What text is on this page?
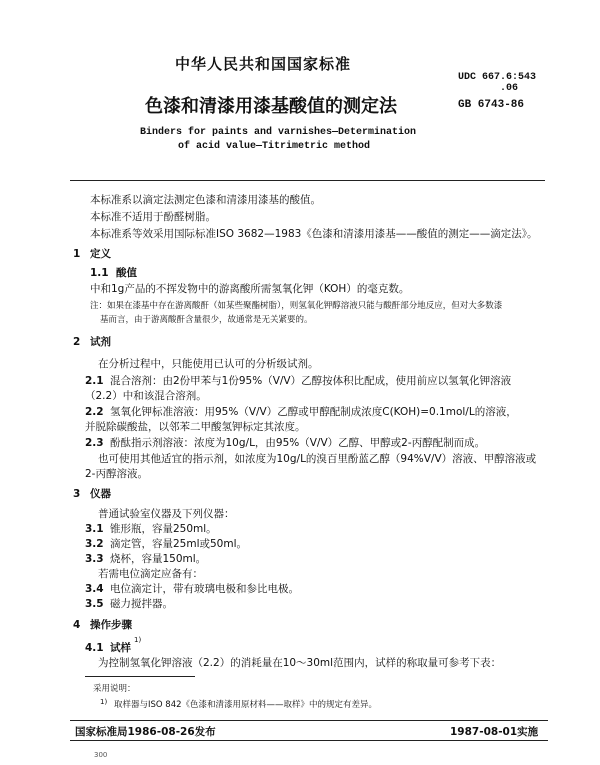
中华人民共和国国家标准
UDC 667.6:543
.06
色漆和清漆用漆基酸值的测定法	GB 6743-86
Binders for paints and varnishes—Determination
of acid value—Titrimetric method
本标准系以滴定法测定色漆和清漆用漆基的酸值。
本标准不适用于酚醛树脂。
本标准系等效采用国际标准ISO 3682—1983《色漆和清漆用漆基——酸值的测定——滴定法》。
1 定义
1.1 酸值
中和1g产品的不挥发物中的游离酸所需氢氧化钾（KOH）的毫克数。
注：如果在漆基中存在游离酸酐（如某些聚酯树脂），则氢氧化钾醇溶液只能与酸酐部分地反应，但对大多数漆
基而言，由于游离酸酐含量很少，故通常是无关紧要的。
2 试剂
在分析过程中，只能使用已认可的分析级试剂。
2.1 混合溶剂：由2份甲苯与1份95%（V/V）乙醇按体积比配成，使用前应以氢氧化钾溶液
（2.2）中和该混合溶剂。
2.2 氢氧化钾标准溶液：用95%（V/V）乙醇或甲醇配制成浓度C(KOH)=0.1mol/L的溶液，
并脱除碳酸盐，以邻苯二甲酸氢钾标定其浓度。
2.3 酚酞指示剂溶液：浓度为10g/L，由95%（V/V）乙醇、甲醇或2-丙醇配制而成。
也可使用其他适宜的指示剂，如浓度为10g/L的溴百里酚蓝乙醇（94%V/V）溶液、甲醇溶液或
2-丙醇溶液。
3 仪器
普通试验室仪器及下列仪器：
3.1 锥形瓶，容量250ml。
3.2 滴定管，容量25ml或50ml。
3.3 烧杯，容量150ml。
若需电位滴定应备有：
3.4 电位滴定计，带有玻璃电极和参比电极。
3.5 磁力搅拌器。
4 操作步骤
4.1 试样
1)
为控制氢氧化钾溶液（2.2）的消耗量在10～30ml范围内，试样的称取量可参考下表：
采用说明：
1) 取样器与ISO 842《色漆和清漆用原材料——取样》中的规定有差异。
国家标准局1986-08-26发布	1987-08-01实施
300
